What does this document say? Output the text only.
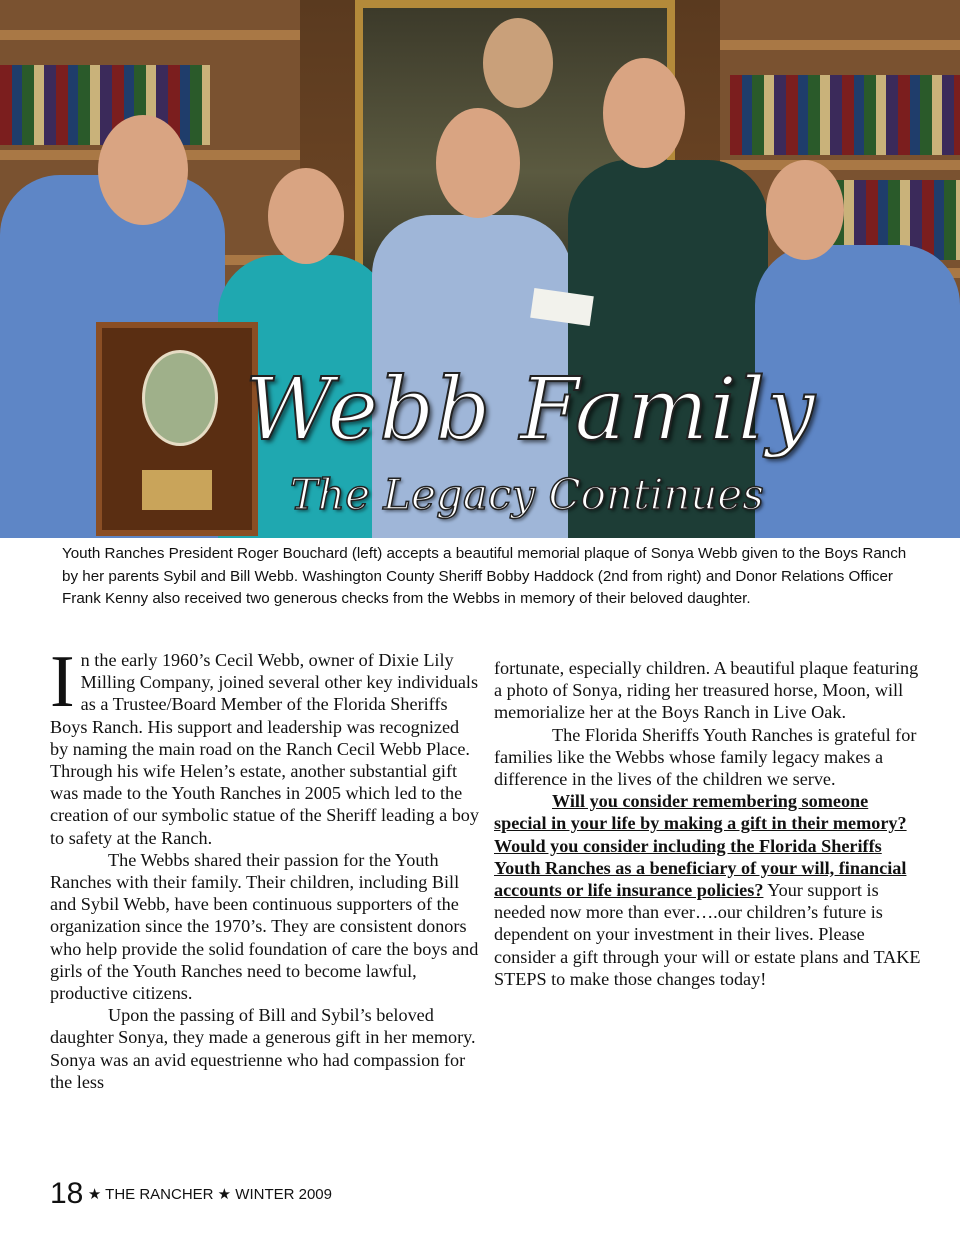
Webb Family
The Legacy Continues
Youth Ranches President Roger Bouchard (left) accepts a beautiful memorial plaque of Sonya Webb given to the Boys Ranch by her parents Sybil and Bill Webb. Washington County Sheriff Bobby Haddock (2nd from right) and Donor Relations Officer Frank Kenny also received two generous checks from the Webbs in memory of their beloved daughter.

In the early 1960’s Cecil Webb, owner of Dixie Lily Milling Company, joined several other key individuals as a Trustee/Board Member of the Florida Sheriffs Boys Ranch. His support and leadership was recognized by naming the main road on the Ranch Cecil Webb Place. Through his wife Helen’s estate, another substantial gift was made to the Youth Ranches in 2005 which led to the creation of our symbolic statue of the Sheriff leading a boy to safety at the Ranch.

The Webbs shared their passion for the Youth Ranches with their family. Their children, including Bill and Sybil Webb, have been continuous supporters of the organization since the 1970’s. They are consistent donors who help provide the solid foundation of care the boys and girls of the Youth Ranches need to become lawful, productive citizens.

Upon the passing of Bill and Sybil’s beloved daughter Sonya, they made a generous gift in her memory. Sonya was an avid equestrienne who had compassion for the less

fortunate, especially children. A beautiful plaque featuring a photo of Sonya, riding her treasured horse, Moon, will memorialize her at the Boys Ranch in Live Oak.

The Florida Sheriffs Youth Ranches is grateful for families like the Webbs whose family legacy makes a difference in the lives of the children we serve.

Will you consider remembering someone special in your life by making a gift in their memory? Would you consider including the Florida Sheriffs Youth Ranches as a beneficiary of your will, financial accounts or life insurance policies? Your support is needed now more than ever….our children’s future is dependent on your investment in their lives. Please consider a gift through your will or estate plans and TAKE STEPS to make those changes today!

18 ★ THE RANCHER ★ WINTER 2009
